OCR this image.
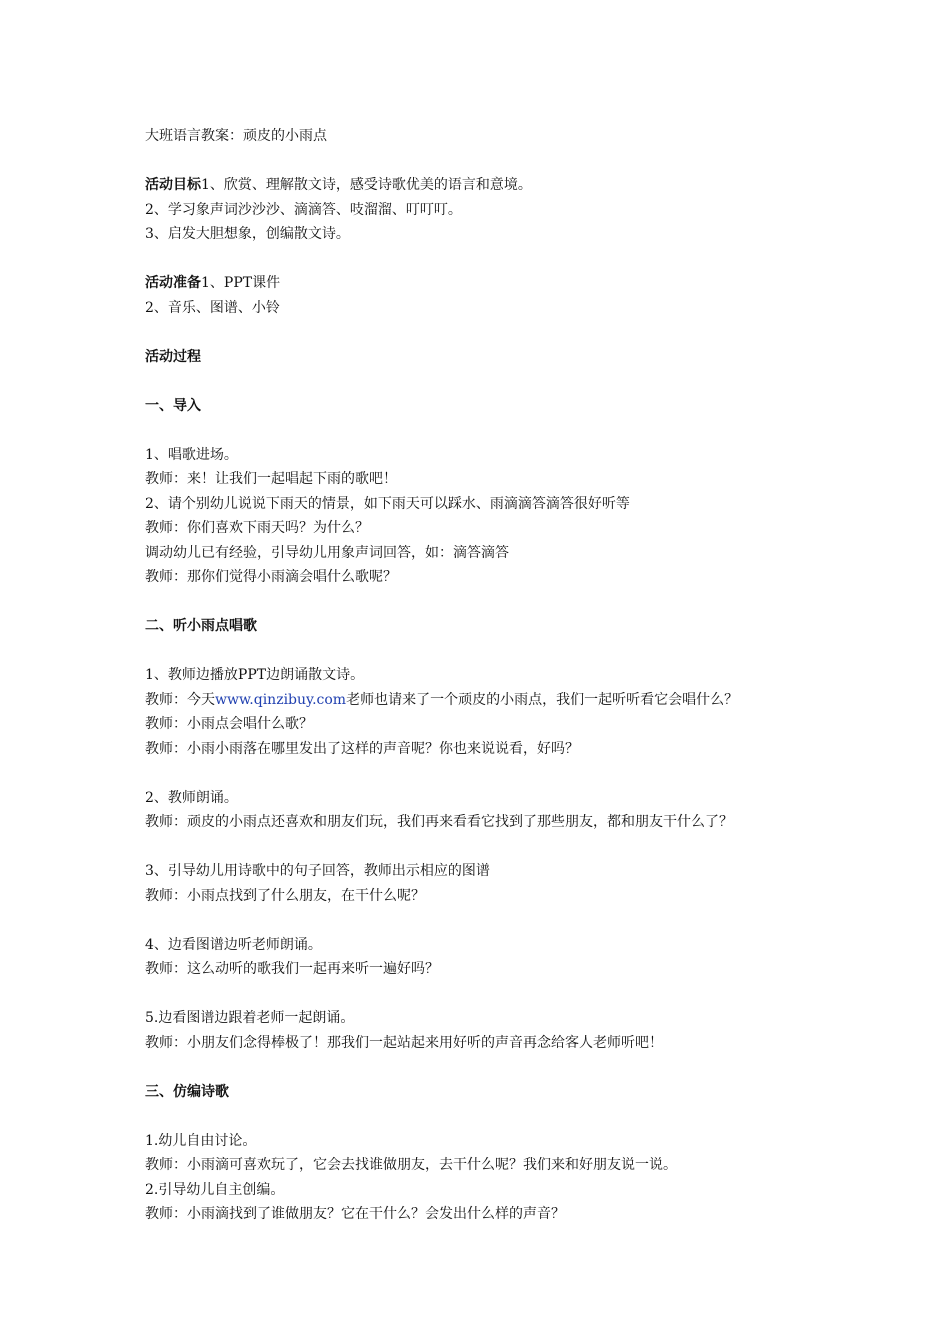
大班语言教案：顽皮的小雨点
活动目标1、欣赏、理解散文诗，感受诗歌优美的语言和意境。
2、学习象声词沙沙沙、滴滴答、吱溜溜、叮叮叮。
3、启发大胆想象，创编散文诗。
活动准备1、PPT课件
2、音乐、图谱、小铃
活动过程
一、导入
1、唱歌进场。
教师：来！让我们一起唱起下雨的歌吧！
2、请个别幼儿说说下雨天的情景，如下雨天可以踩水、雨滴滴答滴答很好听等
教师：你们喜欢下雨天吗？为什么？
调动幼儿已有经验，引导幼儿用象声词回答，如：滴答滴答
教师：那你们觉得小雨滴会唱什么歌呢？
二、听小雨点唱歌
1、教师边播放PPT边朗诵散文诗。
教师：今天www.qinzibuy.com老师也请来了一个顽皮的小雨点，我们一起听听看它会唱什么？
教师：小雨点会唱什么歌？
教师：小雨小雨落在哪里发出了这样的声音呢？你也来说说看，好吗？
2、教师朗诵。
教师：顽皮的小雨点还喜欢和朋友们玩，我们再来看看它找到了那些朋友，都和朋友干什么了？
3、引导幼儿用诗歌中的句子回答，教师出示相应的图谱
教师：小雨点找到了什么朋友，在干什么呢？
4、边看图谱边听老师朗诵。
教师：这么动听的歌我们一起再来听一遍好吗？
5.边看图谱边跟着老师一起朗诵。
教师：小朋友们念得棒极了！那我们一起站起来用好听的声音再念给客人老师听吧！
三、仿编诗歌
1.幼儿自由讨论。
教师：小雨滴可喜欢玩了，它会去找谁做朋友，去干什么呢？我们来和好朋友说一说。
2.引导幼儿自主创编。
教师：小雨滴找到了谁做朋友？它在干什么？会发出什么样的声音？
